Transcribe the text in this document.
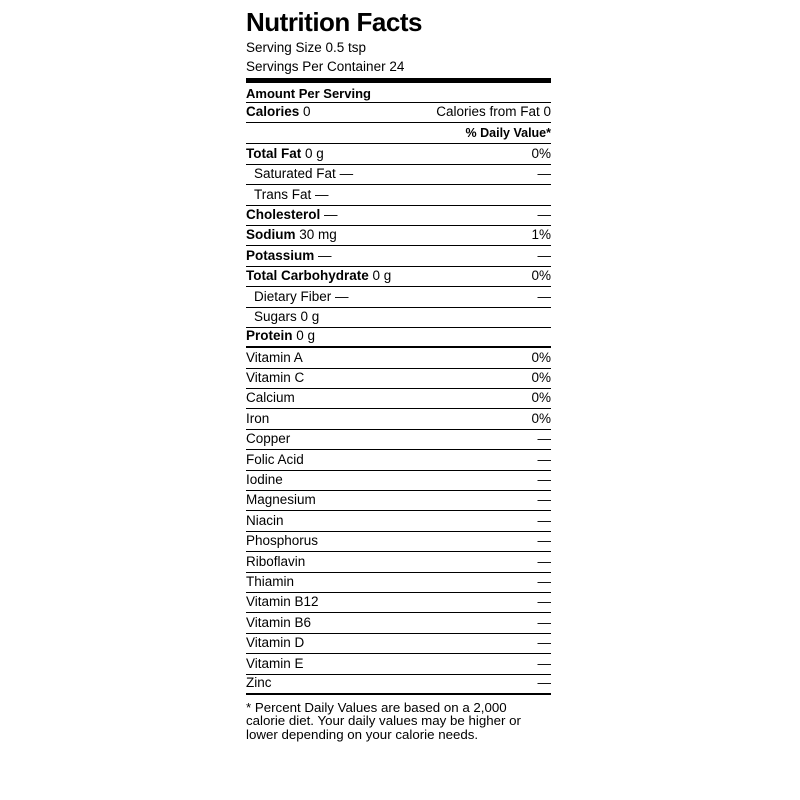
Nutrition Facts
Serving Size 0.5 tsp
Servings Per Container 24
Amount Per Serving
Calories 0	Calories from Fat 0
% Daily Value*
Total Fat 0 g	0%
Saturated Fat —	—
Trans Fat —
Cholesterol —	—
Sodium 30 mg	1%
Potassium —	—
Total Carbohydrate 0 g	0%
Dietary Fiber —	—
Sugars 0 g
Protein 0 g
Vitamin A	0%
Vitamin C	0%
Calcium	0%
Iron	0%
Copper	—
Folic Acid	—
Iodine	—
Magnesium	—
Niacin	—
Phosphorus	—
Riboflavin	—
Thiamin	—
Vitamin B12	—
Vitamin B6	—
Vitamin D	—
Vitamin E	—
Zinc	—
* Percent Daily Values are based on a 2,000 calorie diet. Your daily values may be higher or lower depending on your calorie needs.
